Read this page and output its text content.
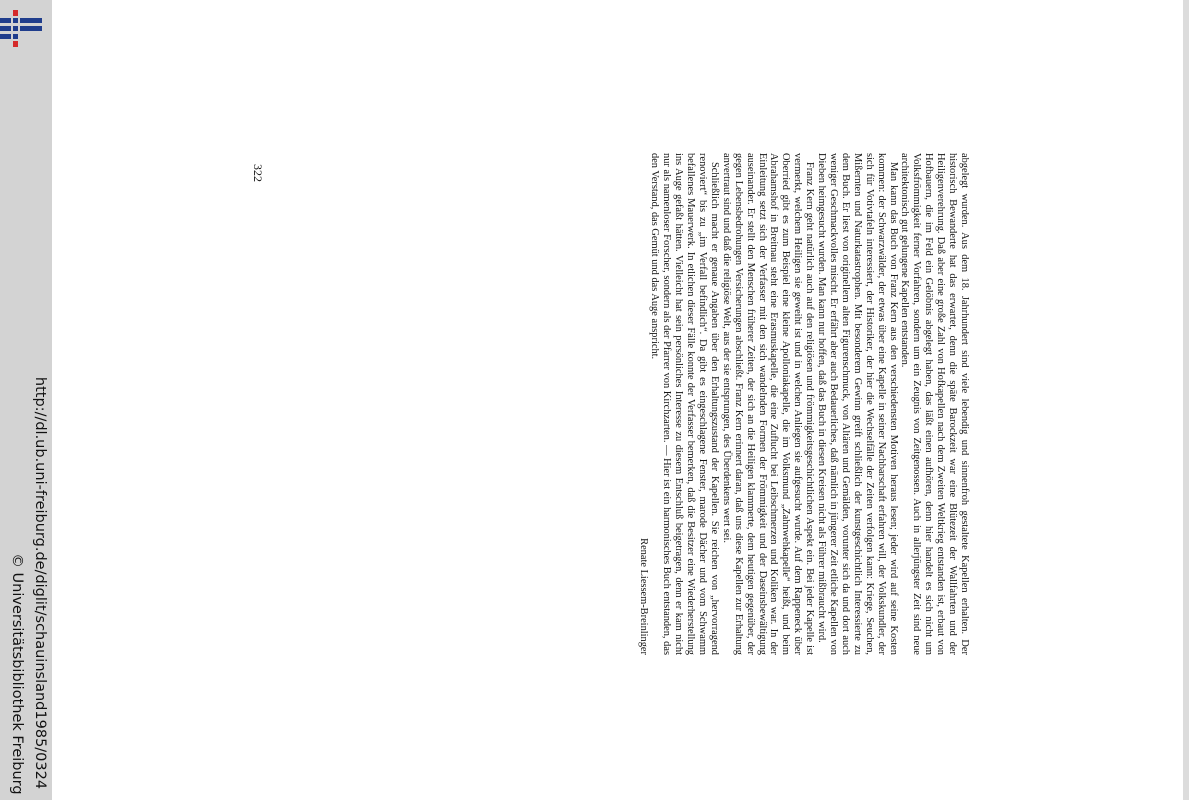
http://dl.ub.uni-freiburg.de/diglit/schauinsland1985/0324
© Universitätsbibliothek Freiburg
322	abgelegt wurden. Aus dem 18. Jahrhundert sind viele lebendig und sinnenfroh gestaltete Kapellen erhalten. Der historisch Bewanderte hat das erwartet, denn die späte Barockzeit war eine Blütezeit der Wallfahrten und der Heiligenverehrung. Daß aber eine große Zahl von Hofkapellen nach dem Zweiten Weltkrieg entstanden ist, erbaut von Hofbauern, die im Feld ein Gelöbnis abgelegt haben, das läßt einen aufhören, denn hier handelt es sich nicht um Volksfrömmigkeit ferner Vorfahren, sondern um ein Zeugnis von Zeitgenossen. Auch in allerjüngster Zeit sind neue architektonisch gut gelungene Kapellen entstanden.

Man kann das Buch von Franz Kern aus den verschiedensten Motiven heraus lesen; jeder wird auf seine Kosten kommen: der Schwarzwälder, der etwas über eine Kapelle in seiner Nachbarschaft erfahren will, der Volkskundler, der sich für Votivtafeln interessiert, der Historiker, der hier die Wechselfälle der Zeiten verfolgen kann: Kriege, Seuchen, Mißernten und Naturkatastrophen. Mit besonderem Gewinn greift schließlich der kunstgeschichtlich Interessierte zu dem Buch. Er liest von originellem alten Figurenschmuck, von Altären und Gemälden, vorunter sich da und dort auch weniger Geschmackvolles mischt. Er erfährt aber auch Bedauerliches, daß nämlich in jüngerer Zeit etliche Kapellen von Dieben heimgesucht wurden. Man kann nur hoffen, daß das Buch in diesen Kreisen nicht als Führer mißbraucht wird.

Franz Kern geht natürlich auch auf den religiösen und frömmigkeitsgeschichtlichen Aspekt ein. Bei jeder Kapelle ist vermerkt, welchem Heiligen sie geweiht ist und in welchen Anliegen sie aufgesucht wurde. Auf dem Rappeneck über Oberried gibt es zum Beispiel eine kleine Apolloniakapelle, die im Volksmund „Zahnwehkapelle“ heißt, und beim Abrahamshof in Breitnau steht eine Erasmuskapelle, die eine Zuflucht bei Leibschmerzen und Koliken war. In der Einleitung setzt sich der Verfasser mit den sich wandelnden Formen der Frömmigkeit und der Daseinsbewältigung auseinander. Er stellt den Menschen früherer Zeiten, der sich an die Heiligen klammerte, dem heutigen gegenüber, der gegen Lebensbedrohungen Versicherungen abschließt. Franz Kern erinnert daran, daß uns diese Kapellen zur Erhaltung anvertraut sind und daß die religiöse Welt, aus der sie entsprungen, des Überdenkens wert sei.

Schließlich macht er genaue Angaben über den Erhaltungszustand der Kapellen. Sie reichen von „hervorragend renoviert“ bis zu „im Verfall befindlich“. Da gibt es eingeschlagene Fenster, marode Dächer und vom Schwamm befallenes Mauerwerk. In etlichen dieser Fälle konnte der Verfasser bemerken, daß die Besitzer eine Wiederherstellung ins Auge gefaßt hätten. Vielleicht hat sein persönliches Interesse zu diesem Entschluß beigetragen, denn er kam nicht nur als namenloser Forscher, sondern als der Pfarrer von Kirchzarten. — Hier ist ein harmonisches Buch entstanden, das den Verstand, das Gemüt und das Auge anspricht.

Renate Liessem-Breinlinger
